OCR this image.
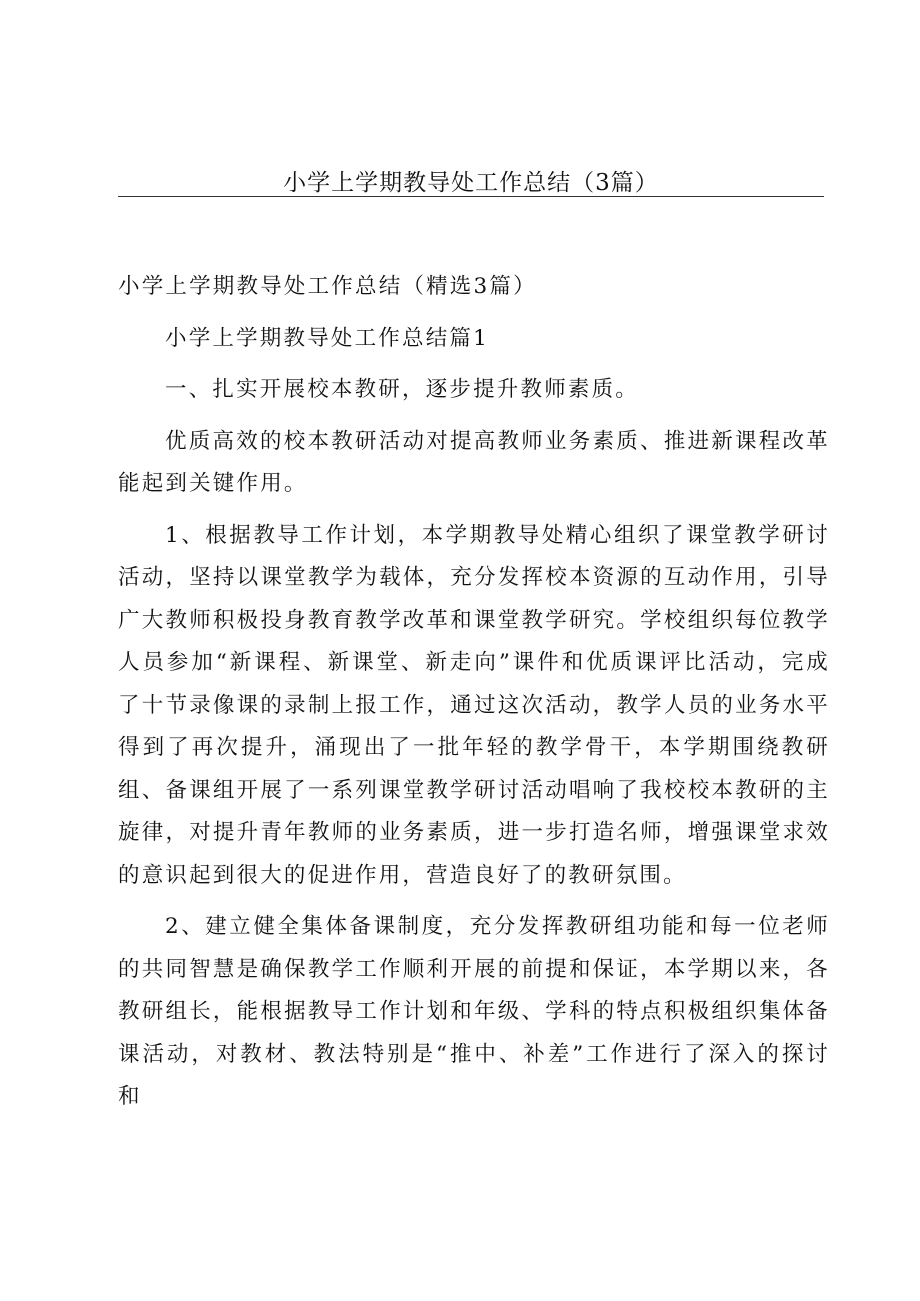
小学上学期教导处工作总结（3篇）

小学上学期教导处工作总结（精选3篇）

小学上学期教导处工作总结篇1

一、扎实开展校本教研，逐步提升教师素质。

优质高效的校本教研活动对提高教师业务素质、推进新课程改革能起到关键作用。

1、根据教导工作计划，本学期教导处精心组织了课堂教学研讨活动，坚持以课堂教学为载体，充分发挥校本资源的互动作用，引导广大教师积极投身教育教学改革和课堂教学研究。学校组织每位教学人员参加“新课程、新课堂、新走向”课件和优质课评比活动，完成了十节录像课的录制上报工作，通过这次活动，教学人员的业务水平得到了再次提升，涌现出了一批年轻的教学骨干，本学期围绕教研组、备课组开展了一系列课堂教学研讨活动唱响了我校校本教研的主旋律，对提升青年教师的业务素质，进一步打造名师，增强课堂求效的意识起到很大的促进作用，营造良好了的教研氛围。

2、建立健全集体备课制度，充分发挥教研组功能和每一位老师的共同智慧是确保教学工作顺利开展的前提和保证，本学期以来，各教研组长，能根据教导工作计划和年级、学科的特点积极组织集体备课活动，对教材、教法特别是“推中、补差”工作进行了深入的探讨和
